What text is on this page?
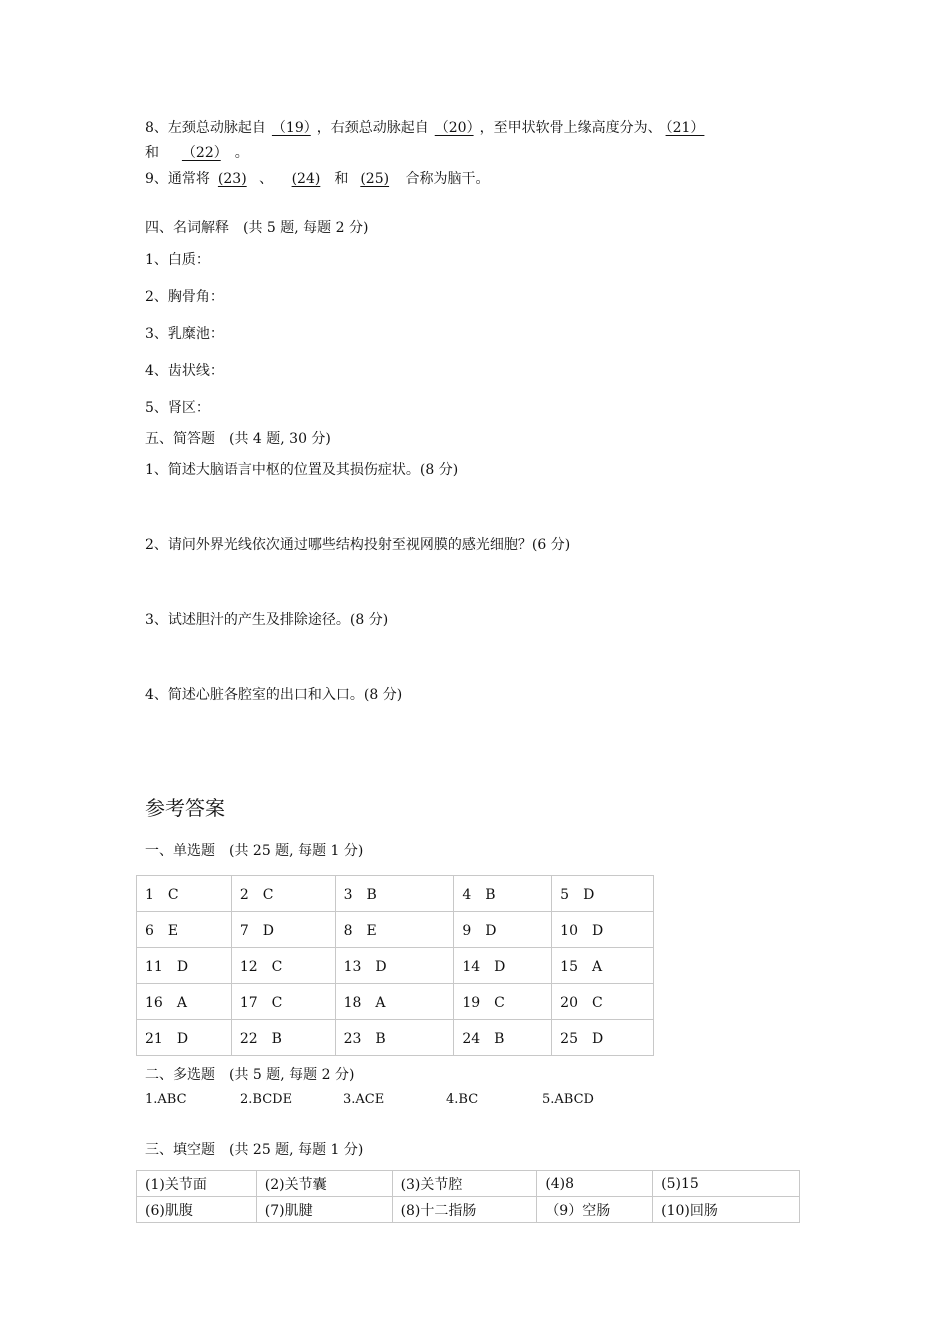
8、左颈总动脉起自 （19） ，右颈总动脉起自 （20） ，至甲状软骨上缘高度分为、 （21）
和 （22） 。
9、通常将 (23) 、 (24) 和 (25) 合称为脑干。
四、名词解释　(共 5 题, 每题 2 分)
1、白质：
2、胸骨角：
3、乳糜池：
4、齿状线：
5、肾区：
五、简答题　(共 4 题, 30 分)
1、简述大脑语言中枢的位置及其损伤症状。(8 分)
2、请问外界光线依次通过哪些结构投射至视网膜的感光细胞？(6 分)
3、试述胆汁的产生及排除途径。(8 分)
4、简述心脏各腔室的出口和入口。(8 分)
参考答案
一、单选题　(共 25 题, 每题 1 分)
1　C	2　C	3　B	4　B	5　D
6　E	7　D	8　E	9　D	10　D
11　D	12　C	13　D	14　D	15　A
16　A	17　C	18　A	19　C	20　C
21　D	22　B	23　B	24　B	25　D
二、多选题　(共 5 题, 每题 2 分)
1.ABC	2.BCDE	3.ACE	4.BC	5.ABCD
三、填空题　(共 25 题, 每题 1 分)
(1)关节面	(2)关节囊	(3)关节腔	(4)8	(5)15
(6)肌腹	(7)肌腱	(8)十二指肠	（9）空肠	(10)回肠
